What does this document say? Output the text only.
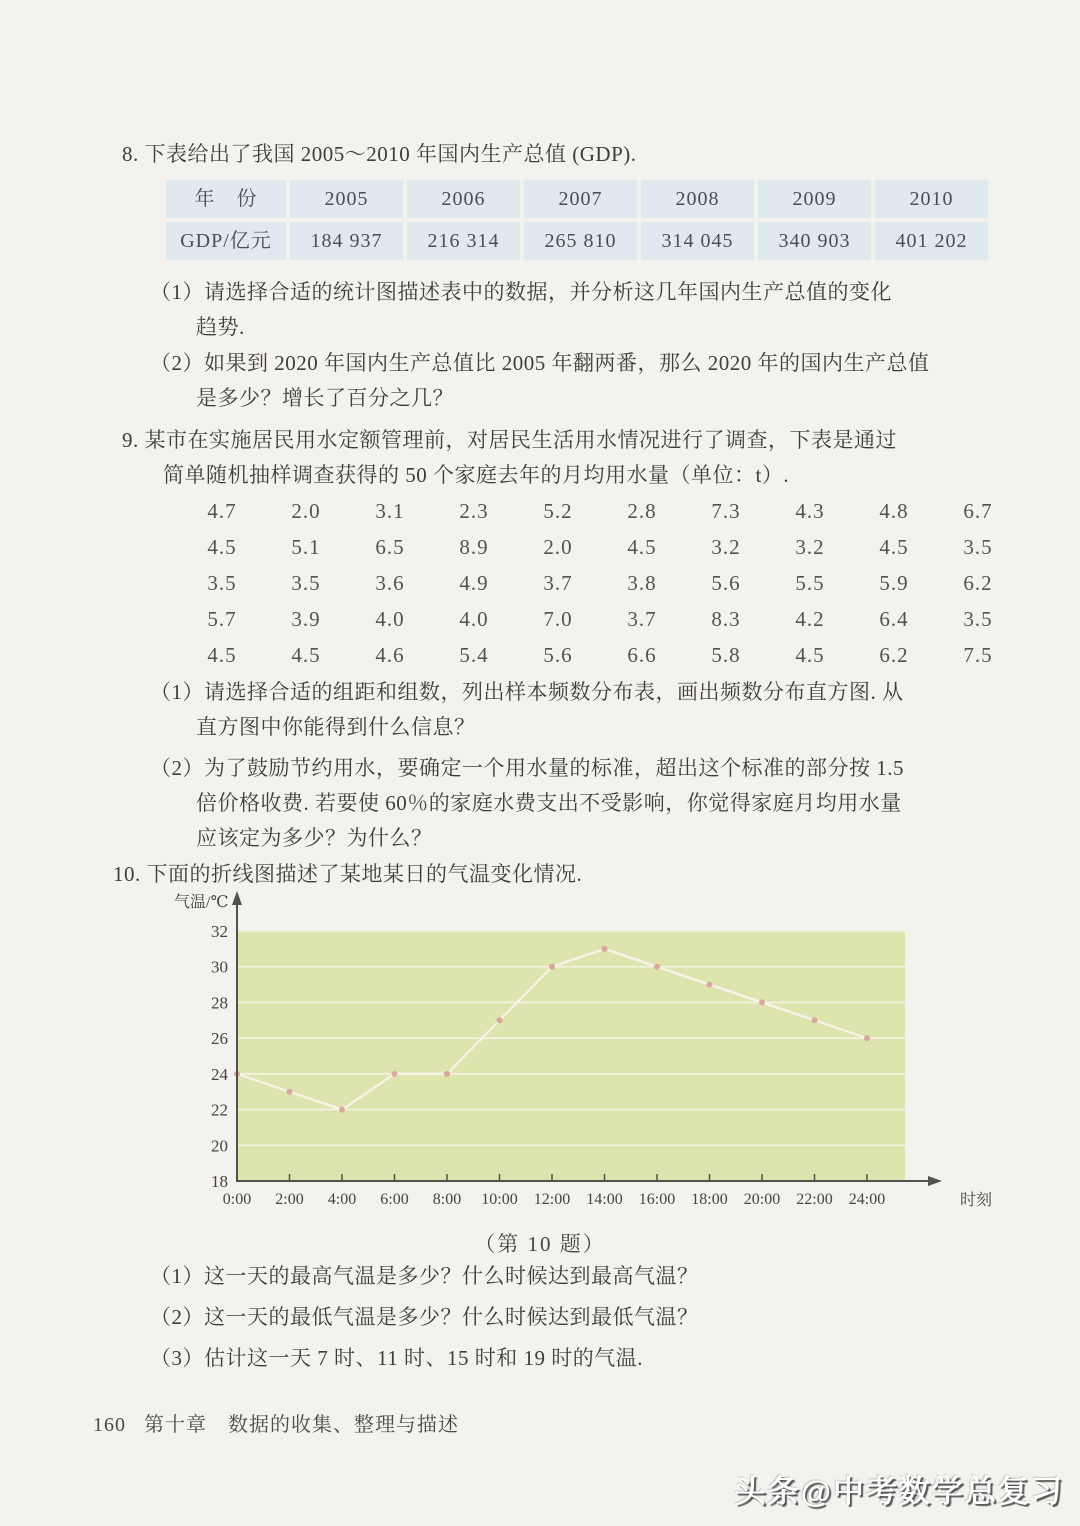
8. 下表给出了我国 2005～2010 年国内生产总值 (GDP).
年　份	2005	2006	2007	2008	2009	2010
GDP/亿元	184 937	216 314	265 810	314 045	340 903	401 202
（1）请选择合适的统计图描述表中的数据，并分析这几年国内生产总值的变化
趋势.
（2）如果到 2020 年国内生产总值比 2005 年翻两番，那么 2020 年的国内生产总值
是多少？增长了百分之几？
9. 某市在实施居民用水定额管理前，对居民生活用水情况进行了调查，下表是通过
简单随机抽样调查获得的 50 个家庭去年的月均用水量（单位：t）.
4.7	2.0	3.1	2.3	5.2	2.8	7.3	4.3	4.8	6.7
4.5	5.1	6.5	8.9	2.0	4.5	3.2	3.2	4.5	3.5
3.5	3.5	3.6	4.9	3.7	3.8	5.6	5.5	5.9	6.2
5.7	3.9	4.0	4.0	7.0	3.7	8.3	4.2	6.4	3.5
4.5	4.5	4.6	5.4	5.6	6.6	5.8	4.5	6.2	7.5
（1）请选择合适的组距和组数，列出样本频数分布表，画出频数分布直方图. 从
直方图中你能得到什么信息？
（2）为了鼓励节约用水，要确定一个用水量的标准，超出这个标准的部分按 1.5
倍价格收费. 若要使 60％的家庭水费支出不受影响，你觉得家庭月均用水量
应该定为多少？为什么？
10. 下面的折线图描述了某地某日的气温变化情况.
0:00 2:00 4:00 6:00 8:00 10:00 12:00 14:00 16:00 18:00 20:00 22:00 24:00
18
20
22
24
26
28
30
32
气温/℃
时刻
（第 10 题）
（1）这一天的最高气温是多少？什么时候达到最高气温？
（2）这一天的最低气温是多少？什么时候达到最低气温？
（3）估计这一天 7 时、11 时、15 时和 19 时的气温.
160 第十章　数据的收集、整理与描述
头条@中考数学总复习
